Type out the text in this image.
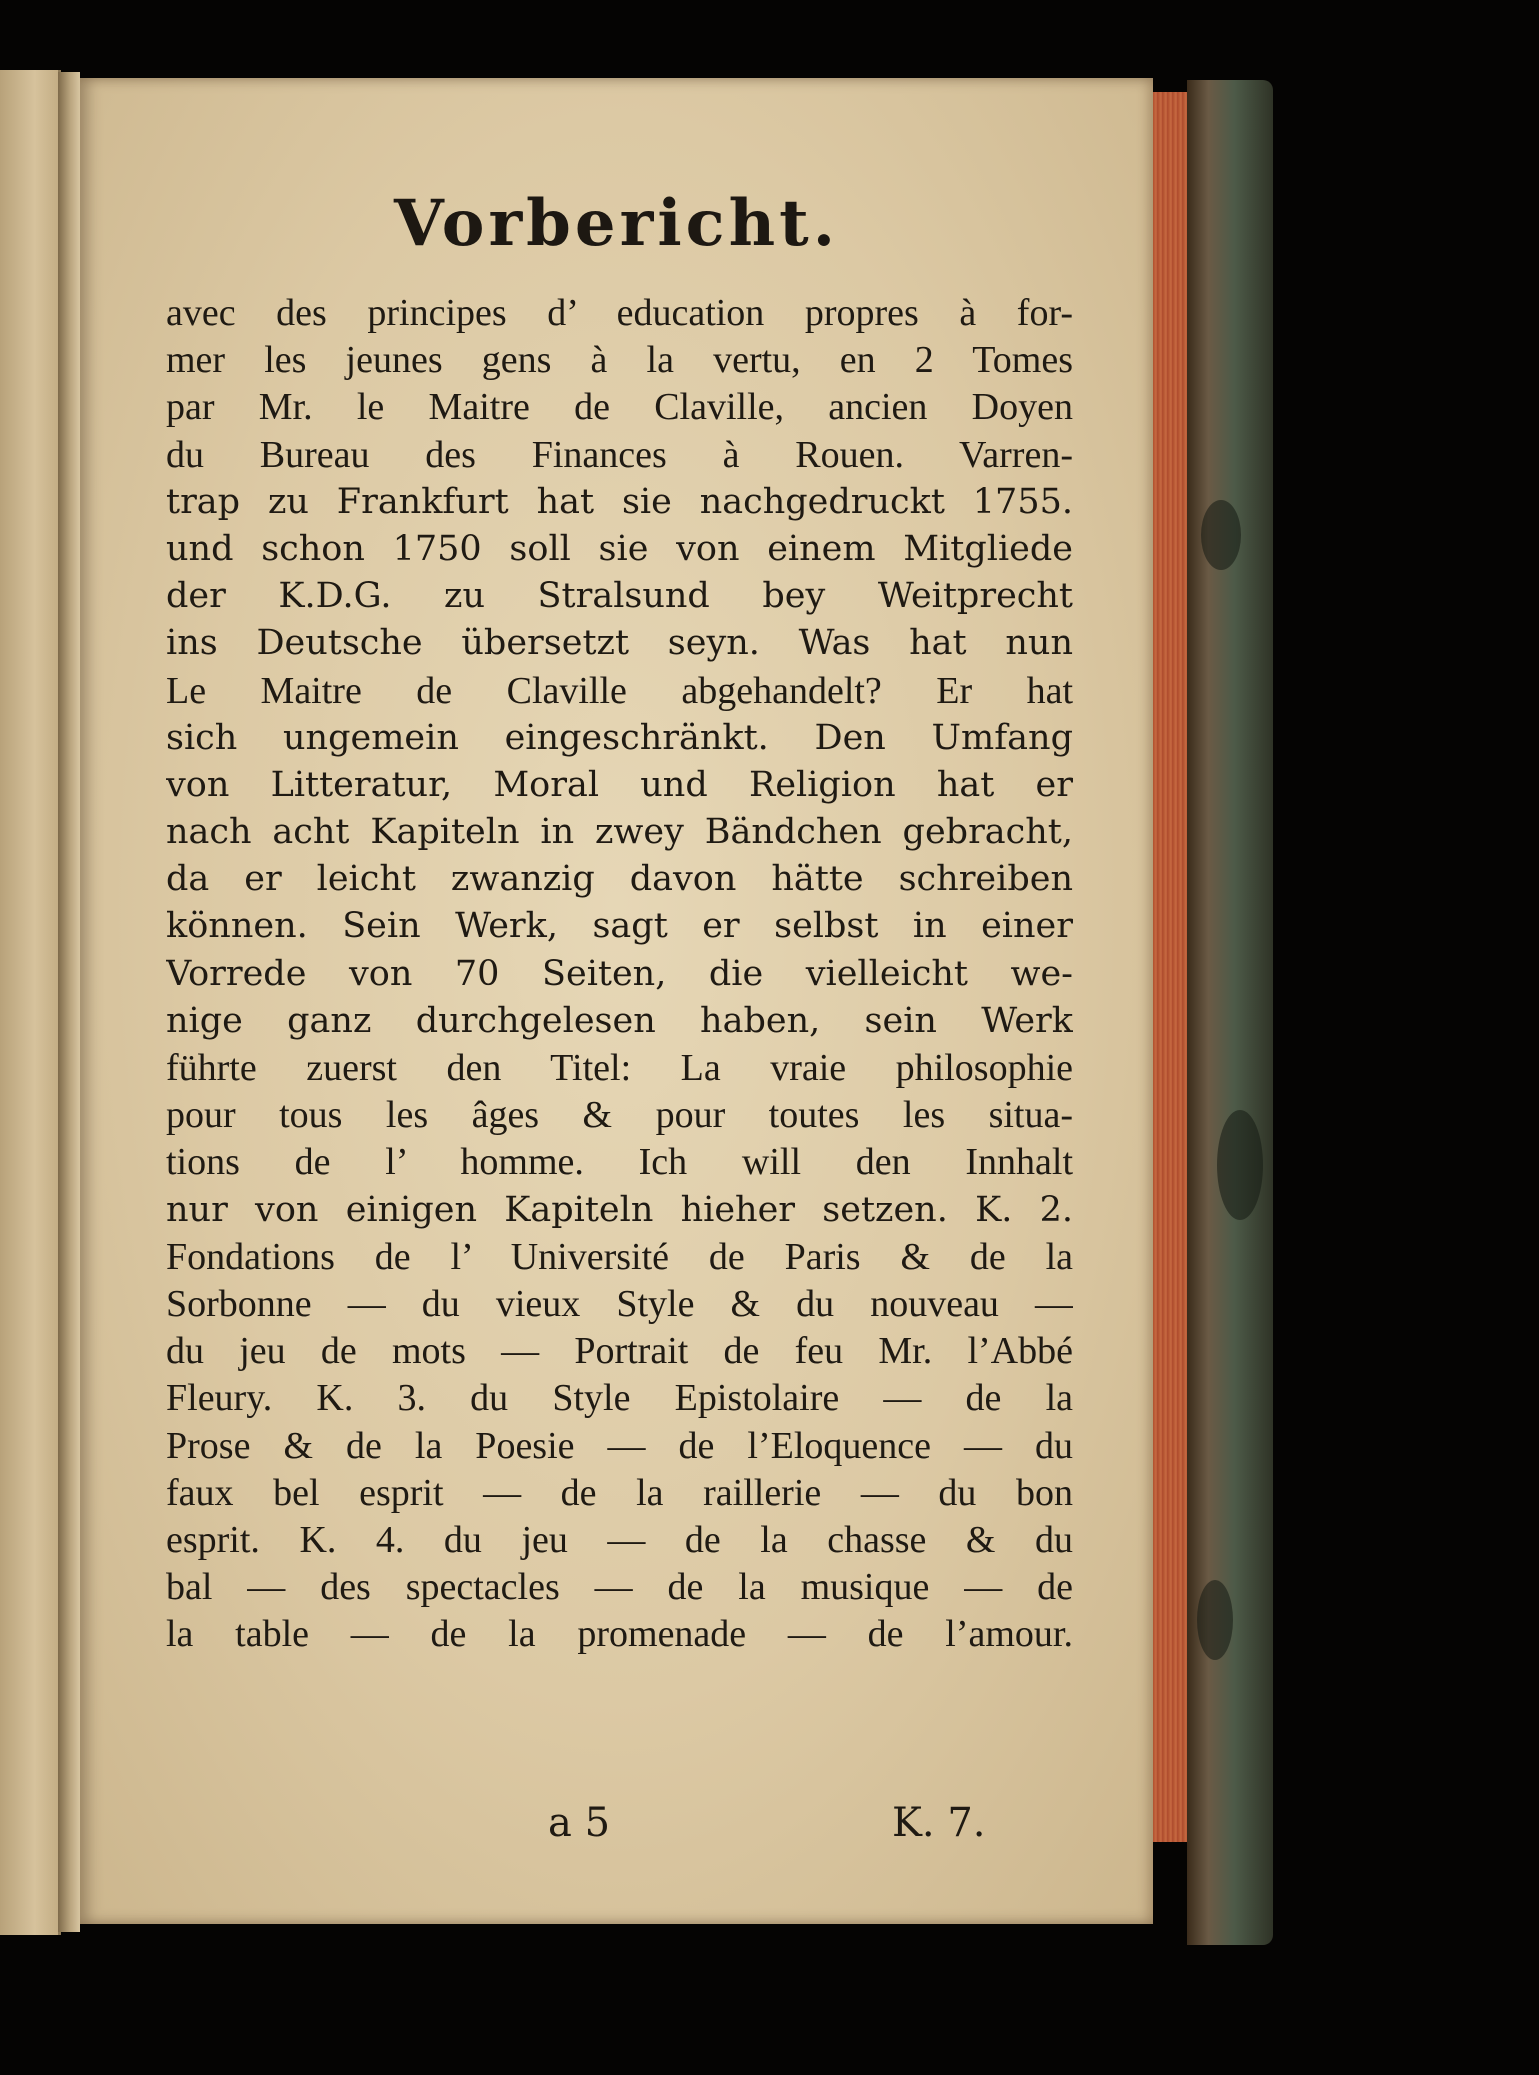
Vorbericht.
avec des principes d’ education propres à for-
mer les jeunes gens à la vertu, en 2 Tomes
par Mr. le Maitre de Claville, ancien Doyen
du Bureau des Finances à Rouen. Varren-
trap zu Frankfurt hat sie nachgedruckt 1755.
und schon 1750 soll sie von einem Mitgliede
der K.D.G. zu Stralsund bey Weitprecht
ins Deutsche übersetzt seyn. Was hat nun
Le Maitre de Claville abgehandelt? Er hat
sich ungemein eingeschränkt. Den Umfang
von Litteratur, Moral und Religion hat er
nach acht Kapiteln in zwey Bändchen gebracht,
da er leicht zwanzig davon hätte schreiben
können. Sein Werk, sagt er selbst in einer
Vorrede von 70 Seiten, die vielleicht we-
nige ganz durchgelesen haben, sein Werk
führte zuerst den Titel: La vraie philosophie
pour tous les âges & pour toutes les situa-
tions de l’ homme. Ich will den Innhalt
nur von einigen Kapiteln hieher setzen. K. 2.
Fondations de l’ Université de Paris & de la
Sorbonne — du vieux Style & du nouveau —
du jeu de mots — Portrait de feu Mr. l’Abbé
Fleury. K. 3. du Style Epistolaire — de la
Prose & de la Poesie — de l’Eloquence — du
faux bel esprit — de la raillerie — du bon
esprit. K. 4. du jeu — de la chasse & du
bal — des spectacles — de la musique — de
la table — de la promenade — de l’amour.
a 5	K. 7.
